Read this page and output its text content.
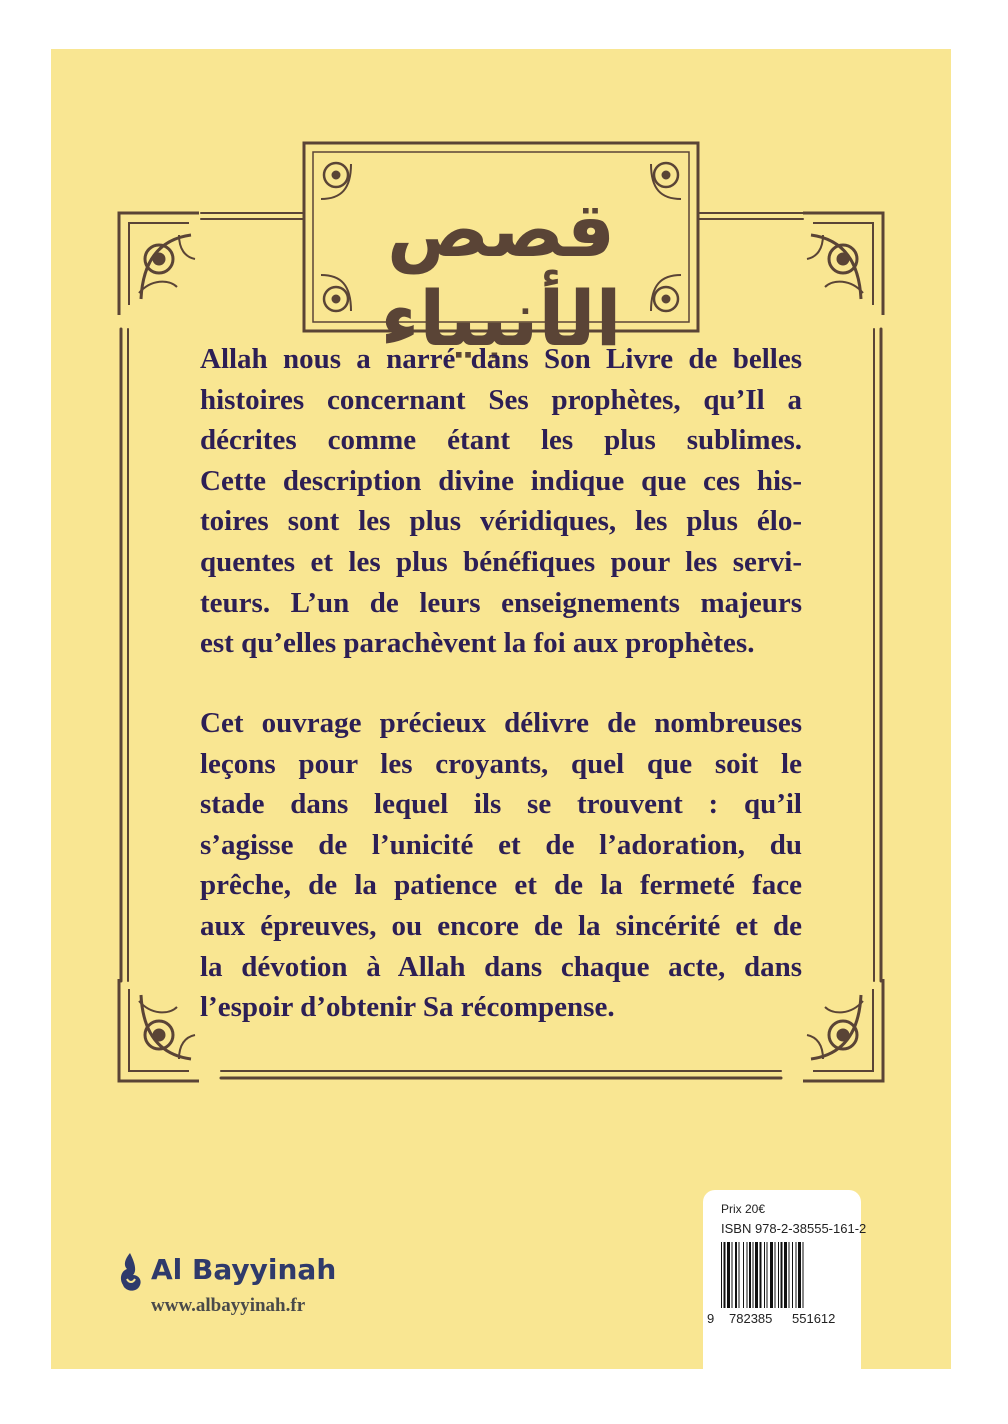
قصص الأنبياء
Allah nous a narré dans Son Livre de belles
histoires concernant Ses prophètes, qu’Il a
décrites comme étant les plus sublimes.
Cette description divine indique que ces his-
toires sont les plus véridiques, les plus élo-
quentes et les plus bénéfiques pour les servi-
teurs. L’un de leurs enseignements majeurs
est qu’elles parachèvent la foi aux prophètes.
Cet ouvrage précieux délivre de nombreuses
leçons pour les croyants, quel que soit le
stade dans lequel ils se trouvent : qu’il
s’agisse de l’unicité et de l’adoration, du
prêche, de la patience et de la fermeté face
aux épreuves, ou encore de la sincérité et de
la dévotion à Allah dans chaque acte, dans
l’espoir d’obtenir Sa récompense.
Al Bayyinah
www.albayyinah.fr
Prix 20€
ISBN 978-2-38555-161-2
9 782385 551612
